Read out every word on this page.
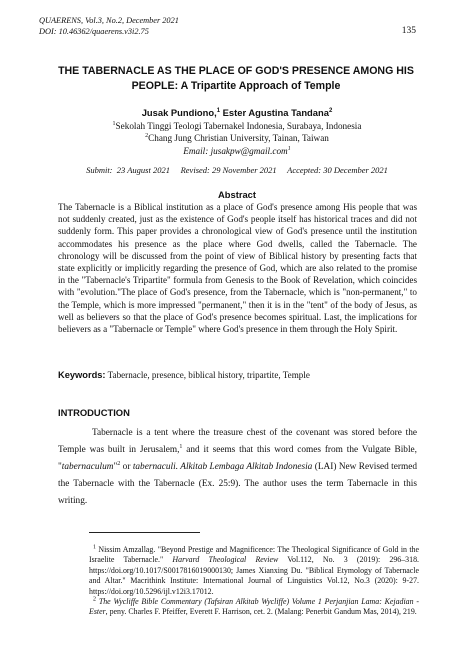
QUAERENS, Vol.3, No.2, December 2021
DOI: 10.46362/quaerens.v3i2.75	135
THE TABERNACLE AS THE PLACE OF GOD'S PRESENCE AMONG HIS
PEOPLE: A Tripartite Approach of Temple
Jusak Pundiono,$^1$ Ester Agustina Tandana$^2$
$^1$Sekolah Tinggi Teologi Tabernakel Indonesia, Surabaya, Indonesia
$^2$Chang Jung Christian University, Tainan, Taiwan
Email: jusakpw@gmail.com$^1$
Submit:  23 August 2021 Revised: 29 November 2021 Accepted: 30 December 2021
Abstract
The Tabernacle is a Biblical institution as a place of God's presence among His people that was not suddenly created, just as the existence of God's people itself has historical traces and did not suddenly form. This paper provides a chronological view of God's presence until the institution accommodates his presence as the place where God dwells, called the Tabernacle. The chronology will be discussed from the point of view of Biblical history by presenting facts that state explicitly or implicitly regarding the presence of God, which are also related to the promise in the "Tabernacle's Tripartite" formula from Genesis to the Book of Revelation, which coincides with "evolution."The place of God's presence, from the Tabernacle, which is "non-permanent," to the Temple, which is more impressed "permanent," then it is in the "tent" of the body of Jesus, as well as believers so that the place of God's presence becomes spiritual. Last, the implications for believers as a "Tabernacle or Temple" where God's presence in them through the Holy Spirit.
Keywords: Tabernacle, presence, biblical history, tripartite, Temple
INTRODUCTION
Tabernacle is a tent where the treasure chest of the covenant was stored before the Temple was built in Jerusalem,$^1$ and it seems that this word comes from the Vulgate Bible, "tabernaculum"$^2$ or tabernaculi. Alkitab Lembaga Alkitab Indonesia (LAI) New Revised termed the Tabernacle with the Tabernacle (Ex. 25:9). The author uses the term Tabernacle in this writing.

$^1$ Nissim Amzallag. "Beyond Prestige and Magnificence: The Theological Significance of Gold in the Israelite Tabernacle." Harvard Theological Review Vol.112, No. 3 (2019): 296–318. https://doi.org/10.1017/S0017816019000130; James Xianxing Du. "Biblical Etymology of Tabernacle and Altar." Macrithink Institute: International Journal of Linguistics Vol.12, No.3 (2020): 9-27. https://doi.org/10.5296/ijl.v12i3.17012.

$^2$ The Wycliffe Bible Commentary (Tafsiran Alkitab Wycliffe) Volume 1 Perjanjian Lama: Kejadian - Ester, peny. Charles F. Pfeiffer, Everett F. Harrison, cet. 2. (Malang: Penerbit Gandum Mas, 2014), 219.
